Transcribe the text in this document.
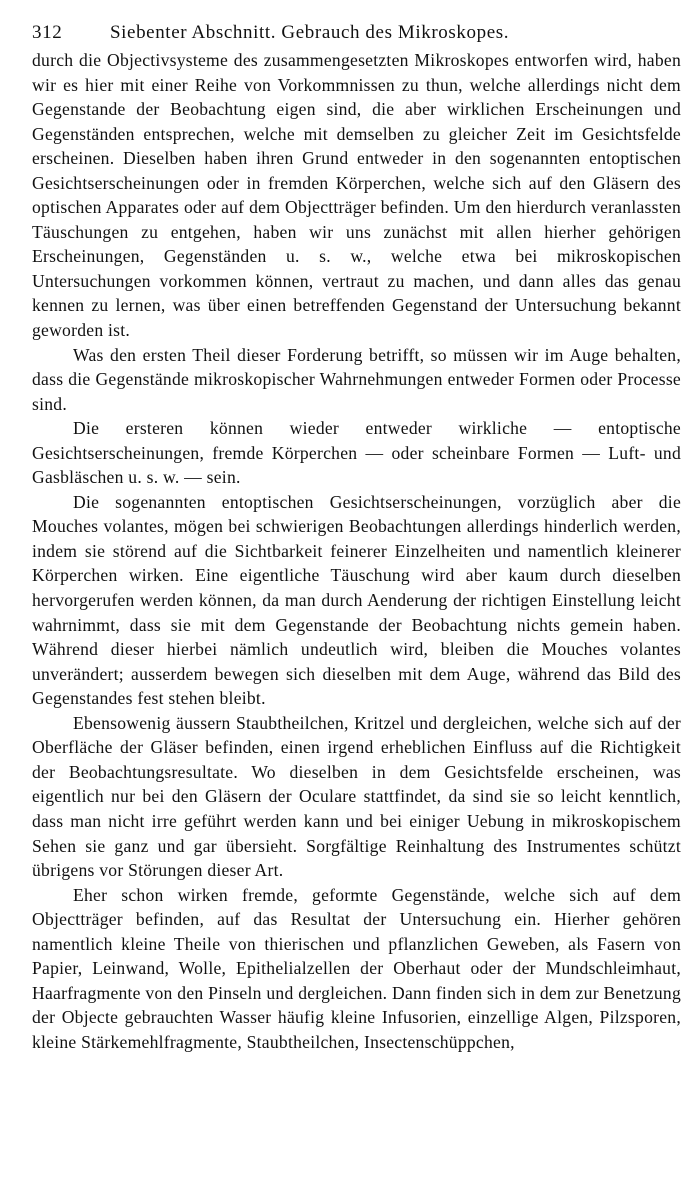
312	Siebenter Abschnitt. Gebrauch des Mikroskopes.

durch die Objectivsysteme des zusammengesetzten Mikroskopes entworfen wird, haben wir es hier mit einer Reihe von Vorkommnissen zu thun, welche allerdings nicht dem Gegenstande der Beobachtung eigen sind, die aber wirklichen Erscheinungen und Gegenständen entsprechen, welche mit demselben zu gleicher Zeit im Gesichtsfelde erscheinen. Dieselben haben ihren Grund entweder in den sogenannten entoptischen Gesichtserscheinungen oder in fremden Körperchen, welche sich auf den Gläsern des optischen Apparates oder auf dem Objectträger befinden. Um den hierdurch veranlassten Täuschungen zu entgehen, haben wir uns zunächst mit allen hierher gehörigen Erscheinungen, Gegenständen u. s. w., welche etwa bei mikroskopischen Untersuchungen vorkommen können, vertraut zu machen, und dann alles das genau kennen zu lernen, was über einen betreffenden Gegenstand der Untersuchung bekannt geworden ist.

Was den ersten Theil dieser Forderung betrifft, so müssen wir im Auge behalten, dass die Gegenstände mikroskopischer Wahrnehmungen entweder Formen oder Processe sind.

Die ersteren können wieder entweder wirkliche — entoptische Gesichtserscheinungen, fremde Körperchen — oder scheinbare Formen — Luft- und Gasbläschen u. s. w. — sein.

Die sogenannten entoptischen Gesichtserscheinungen, vorzüglich aber die Mouches volantes, mögen bei schwierigen Beobachtungen allerdings hinderlich werden, indem sie störend auf die Sichtbarkeit feinerer Einzelheiten und namentlich kleinerer Körperchen wirken. Eine eigentliche Täuschung wird aber kaum durch dieselben hervorgerufen werden können, da man durch Aenderung der richtigen Einstellung leicht wahrnimmt, dass sie mit dem Gegenstande der Beobachtung nichts gemein haben. Während dieser hierbei nämlich undeutlich wird, bleiben die Mouches volantes unverändert; ausserdem bewegen sich dieselben mit dem Auge, während das Bild des Gegenstandes fest stehen bleibt.

Ebensowenig äussern Staubtheilchen, Kritzel und dergleichen, welche sich auf der Oberfläche der Gläser befinden, einen irgend erheblichen Einfluss auf die Richtigkeit der Beobachtungsresultate. Wo dieselben in dem Gesichtsfelde erscheinen, was eigentlich nur bei den Gläsern der Oculare stattfindet, da sind sie so leicht kenntlich, dass man nicht irre geführt werden kann und bei einiger Uebung in mikroskopischem Sehen sie ganz und gar übersieht. Sorgfältige Reinhaltung des Instrumentes schützt übrigens vor Störungen dieser Art.

Eher schon wirken fremde, geformte Gegenstände, welche sich auf dem Objectträger befinden, auf das Resultat der Untersuchung ein. Hierher gehören namentlich kleine Theile von thierischen und pflanzlichen Geweben, als Fasern von Papier, Leinwand, Wolle, Epithelialzellen der Oberhaut oder der Mundschleimhaut, Haarfragmente von den Pinseln und dergleichen. Dann finden sich in dem zur Benetzung der Objecte gebrauchten Wasser häufig kleine Infusorien, einzellige Algen, Pilzsporen, kleine Stärkemehlfragmente, Staubtheilchen, Insectenschüppchen,
